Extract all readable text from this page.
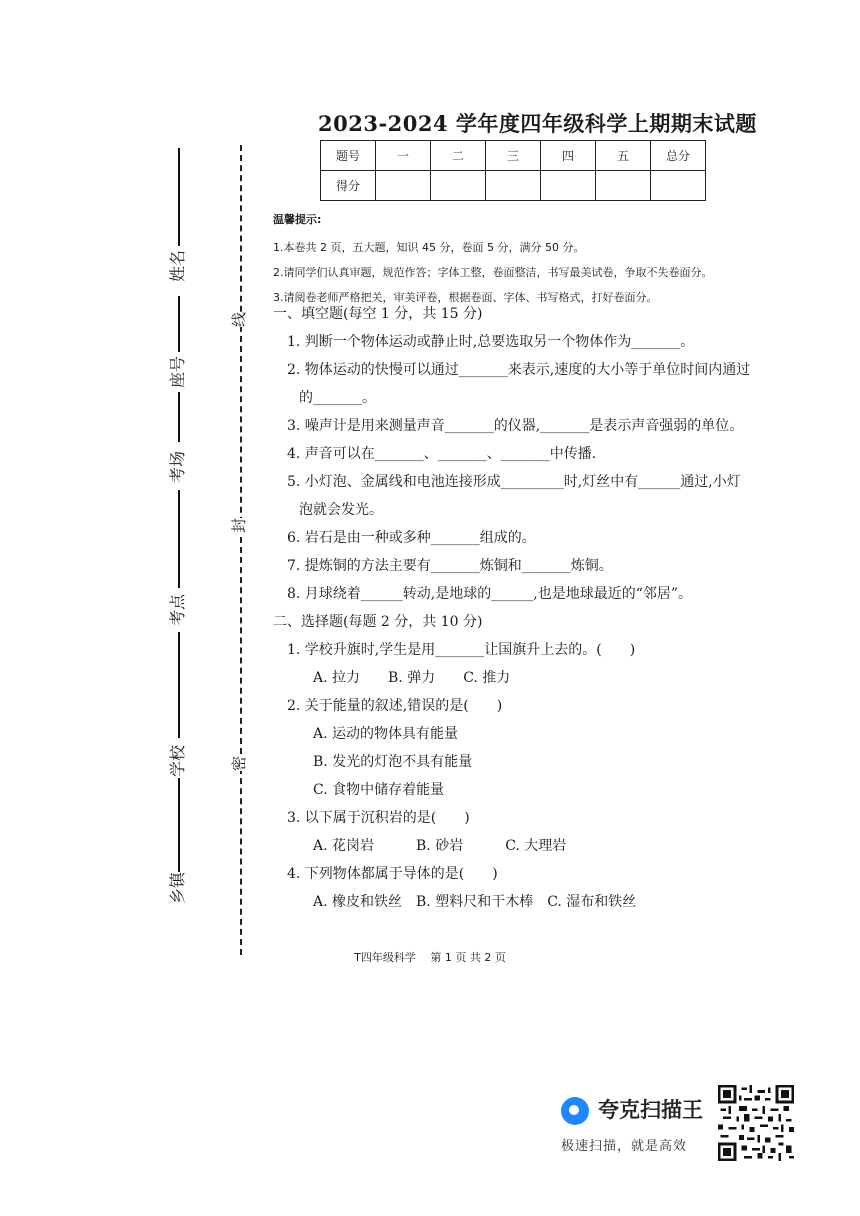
姓名
座号
考场
考点
学校
乡镇
线
封
密
2023-2024 学年度四年级科学上期期末试题
题号	一	二	三	四	五	总分
得分						
温馨提示:
1.本卷共 2 页，五大题，知识 45 分，卷面 5 分，满分 50 分。
2.请同学们认真审题，规范作答；字体工整，卷面整洁，书写最美试卷，争取不失卷面分。
3.请阅卷老师严格把关，审美评卷，根据卷面、字体、书写格式，打好卷面分。
一、填空题(每空 1 分，共 15 分)
1. 判断一个物体运动或静止时,总要选取另一个物体作为_______。
2. 物体运动的快慢可以通过_______来表示,速度的大小等于单位时间内通过
的_______。
3. 噪声计是用来测量声音_______的仪器,_______是表示声音强弱的单位。
4. 声音可以在_______、_______、_______中传播.
5. 小灯泡、金属线和电池连接形成_________时,灯丝中有______通过,小灯
泡就会发光。
6. 岩石是由一种或多种_______组成的。
7. 提炼铜的方法主要有_______炼铜和_______炼铜。
8. 月球绕着______转动,是地球的______,也是地球最近的“邻居”。
二、选择题(每题 2 分，共 10 分)
1. 学校升旗时,学生是用_______让国旗升上去的。(　　)
A. 拉力　　B. 弹力　　C. 推力
2. 关于能量的叙述,错误的是(　　)
A. 运动的物体具有能量
B. 发光的灯泡不具有能量
C. 食物中储存着能量
3. 以下属于沉积岩的是(　　)
A. 花岗岩　　　B. 砂岩　　　C. 大理岩
4. 下列物体都属于导体的是(　　)
A. 橡皮和铁丝　B. 塑料尺和干木棒　C. 湿布和铁丝
T四年级科学　 第 1 页 共 2 页
夸克扫描王
极速扫描，就是高效
